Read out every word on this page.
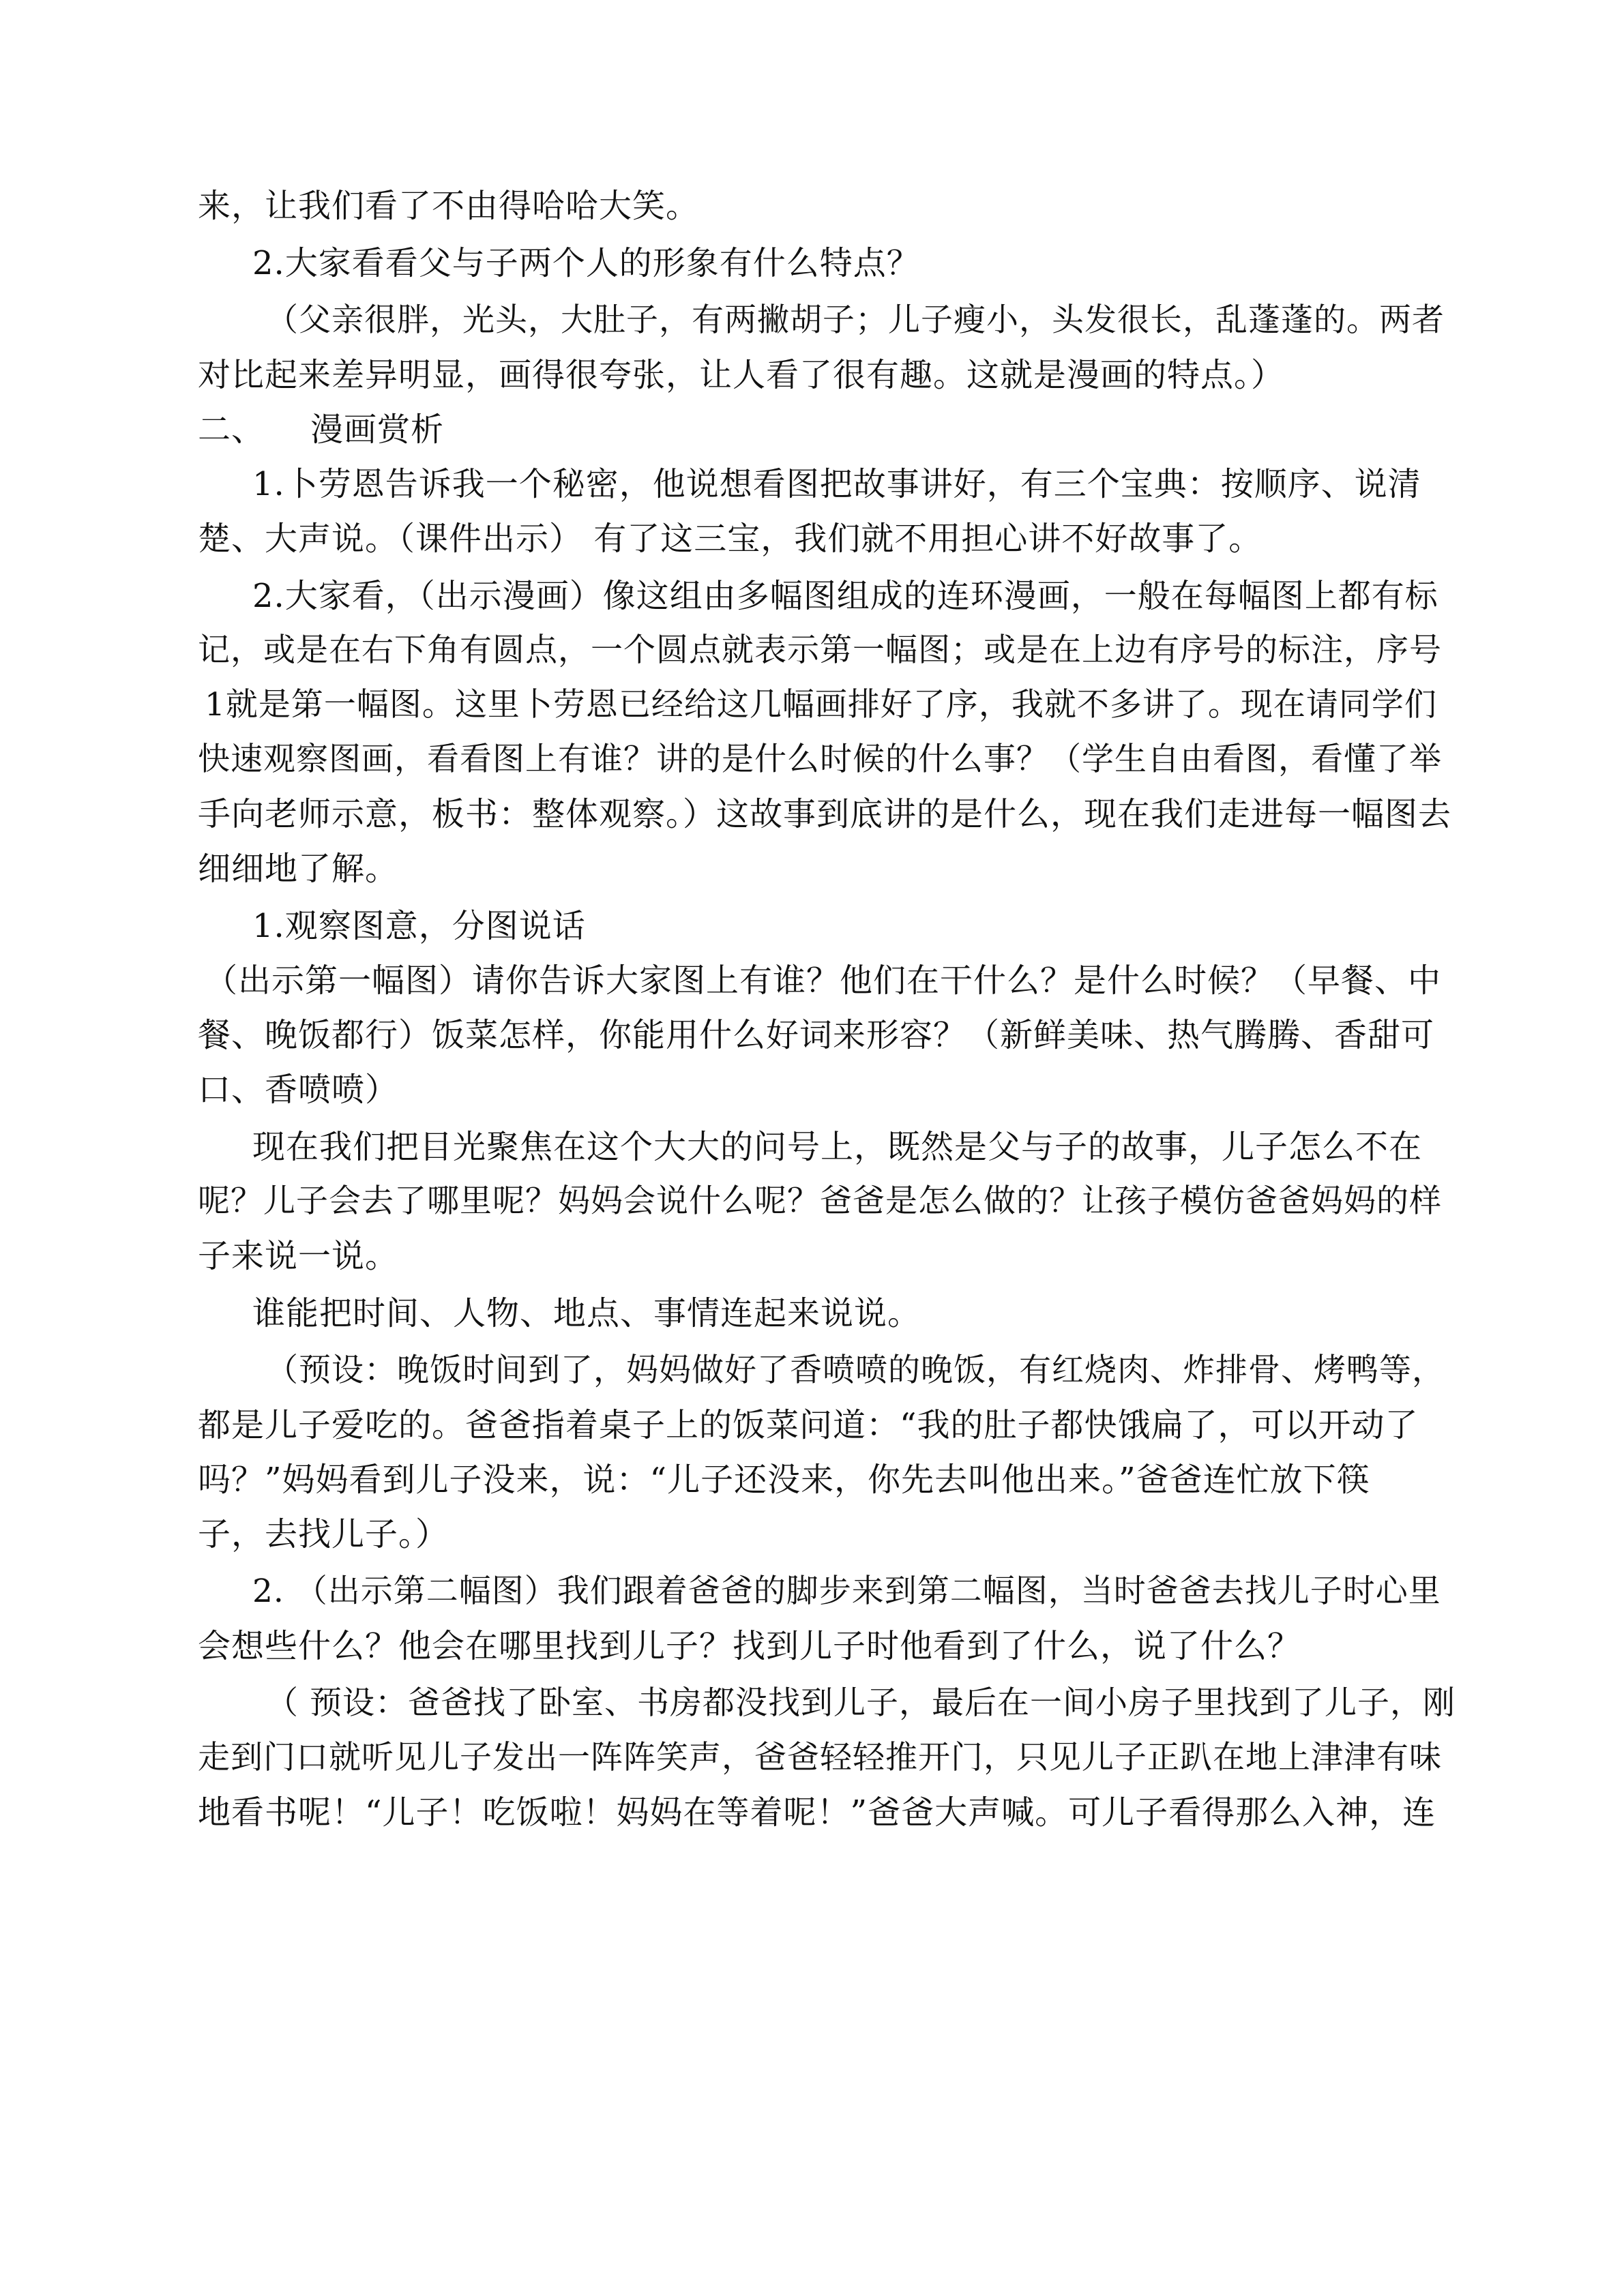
来，让我们看了不由得哈哈大笑。
2.大家看看父与子两个人的形象有什么特点？
（父亲很胖，光头，大肚子，有两撇胡子；儿子瘦小，头发很长，乱蓬蓬的。两者
对比起来差异明显，画得很夸张，让人看了很有趣。这就是漫画的特点。）
二、 漫画赏析
1.卜劳恩告诉我一个秘密，他说想看图把故事讲好，有三个宝典：按顺序、说清
楚、大声说。（课件出示） 有了这三宝，我们就不用担心讲不好故事了。
2.大家看，（出示漫画）像这组由多幅图组成的连环漫画，一般在每幅图上都有标
记，或是在右下角有圆点，一个圆点就表示第一幅图；或是在上边有序号的标注，序号
1就是第一幅图。这里卜劳恩已经给这几幅画排好了序，我就不多讲了。现在请同学们
快速观察图画，看看图上有谁？讲的是什么时候的什么事？（学生自由看图，看懂了举
手向老师示意，板书：整体观察。）这故事到底讲的是什么，现在我们走进每一幅图去
细细地了解。
1.观察图意，分图说话
（出示第一幅图）请你告诉大家图上有谁？他们在干什么？是什么时候？（早餐、中
餐、晚饭都行）饭菜怎样，你能用什么好词来形容？（新鲜美味、热气腾腾、香甜可
口、香喷喷）
现在我们把目光聚焦在这个大大的问号上，既然是父与子的故事，儿子怎么不在
呢？儿子会去了哪里呢？妈妈会说什么呢？爸爸是怎么做的？让孩子模仿爸爸妈妈的样
子来说一说。
谁能把时间、人物、地点、事情连起来说说。
（预设：晚饭时间到了，妈妈做好了香喷喷的晚饭，有红烧肉、炸排骨、烤鸭等，
都是儿子爱吃的。爸爸指着桌子上的饭菜问道：“我的肚子都快饿扁了，可以开动了
吗？”妈妈看到儿子没来，说：“儿子还没来，你先去叫他出来。”爸爸连忙放下筷
子，去找儿子。）
2. （出示第二幅图）我们跟着爸爸的脚步来到第二幅图，当时爸爸去找儿子时心里
会想些什么？他会在哪里找到儿子？找到儿子时他看到了什么，说了什么？
（ 预设：爸爸找了卧室、书房都没找到儿子，最后在一间小房子里找到了儿子，刚
走到门口就听见儿子发出一阵阵笑声，爸爸轻轻推开门，只见儿子正趴在地上津津有味
地看书呢！“儿子！吃饭啦！妈妈在等着呢！”爸爸大声喊。可儿子看得那么入神，连
